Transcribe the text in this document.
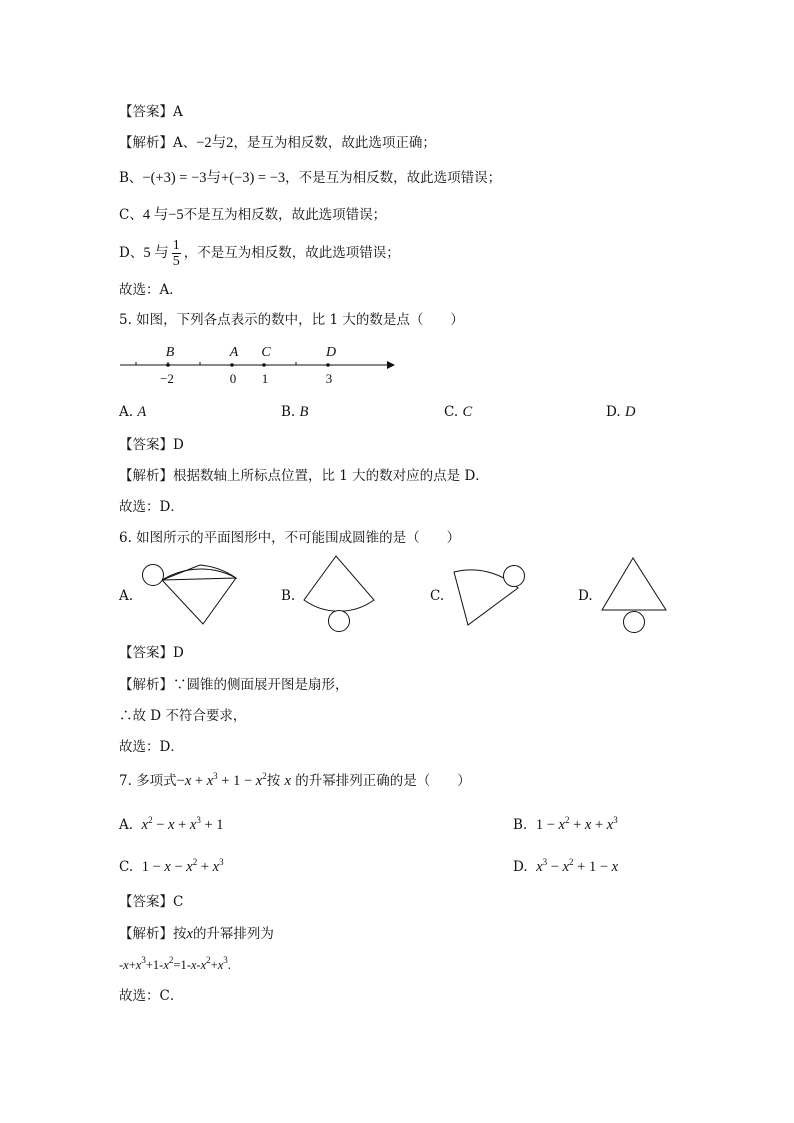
【答案】A
【解析】A、−2与2，是互为相反数，故此选项正确；
B、−(+3) = −3与+(−3) = −3，不是互为相反数，故此选项错误；
C、4 与−5不是互为相反数，故此选项错误；
D、5 与 $\frac{1}{5}$ ，不是互为相反数，故此选项错误；
故选：A．
5. 如图，下列各点表示的数中，比 1 大的数是点（　　）
B	A C	D
−2	0 1	3
A. A	B. B	C. C	D. D
【答案】D
【解析】根据数轴上所标点位置，比 1 大的数对应的点是 D．
故选：D．
6. 如图所示的平面图形中，不可能围成圆锥的是（　　）
A.	B.	C.	D.
【答案】D
【解析】∵圆锥的侧面展开图是扇形，
∴故 D 不符合要求，
故选：D．
7. 多项式$-x + x^3 + 1 - x^2$按 x 的升幂排列正确的是（　　）
A. $x^2 - x + x^3 + 1$	B. $1 - x^2 + x + x^3$
C. $1 - x - x^2 + x^3$	D. $x^3 - x^2 + 1 - x$
【答案】C
【解析】按x的升幂排列为
$-x+x^3+1-x^2=1-x-x^2+x^3$.
故选：C．
